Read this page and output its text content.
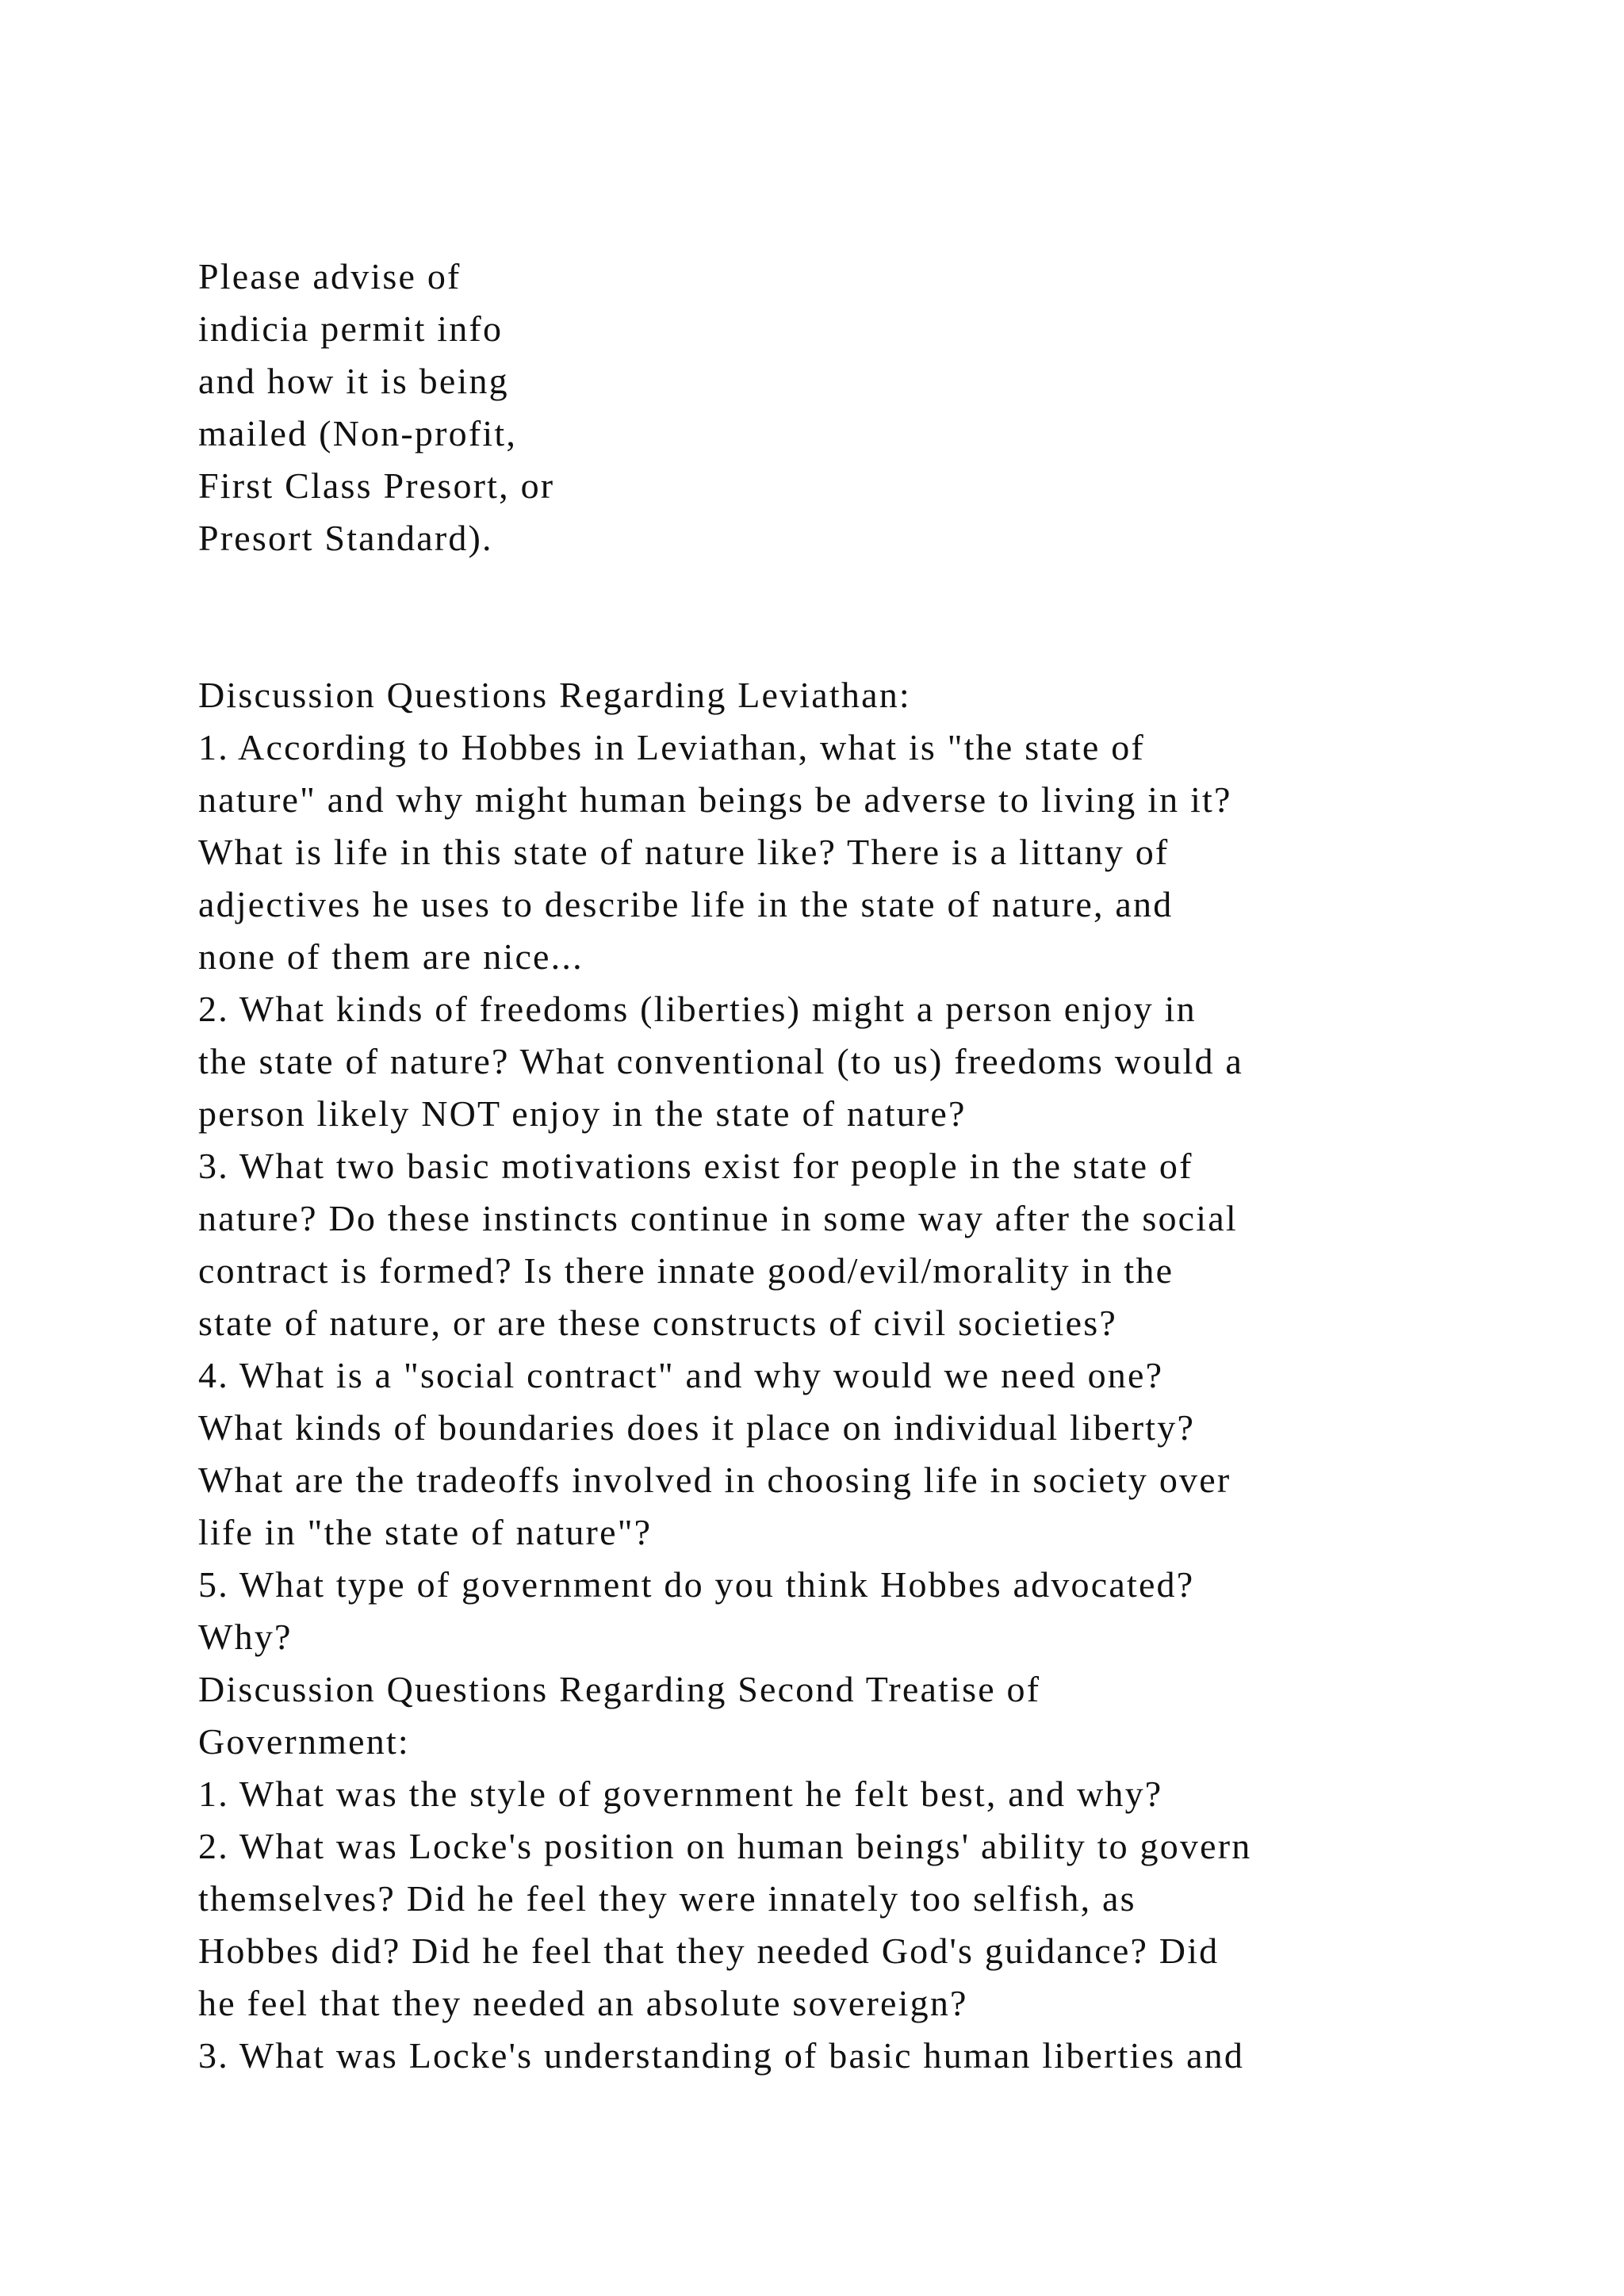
Please advise of

indicia permit info

and how it is being

mailed (Non-profit,

First Class Presort, or

Presort Standard).

Discussion Questions Regarding Leviathan:

1. According to Hobbes in Leviathan, what is "the state of

nature" and why might human beings be adverse to living in it?

What is life in this state of nature like? There is a littany of

adjectives he uses to describe life in the state of nature, and

none of them are nice...

2. What kinds of freedoms (liberties) might a person enjoy in

the state of nature? What conventional (to us) freedoms would a

person likely NOT enjoy in the state of nature?

3. What two basic motivations exist for people in the state of

nature? Do these instincts continue in some way after the social

contract is formed? Is there innate good/evil/morality in the

state of nature, or are these constructs of civil societies?

4. What is a "social contract" and why would we need one?

What kinds of boundaries does it place on individual liberty?

What are the tradeoffs involved in choosing life in society over

life in "the state of nature"?

5. What type of government do you think Hobbes advocated?

Why?

Discussion Questions Regarding Second Treatise of

Government:

1. What was the style of government he felt best, and why?

2. What was Locke's position on human beings' ability to govern

themselves? Did he feel they were innately too selfish, as

Hobbes did? Did he feel that they needed God's guidance? Did

he feel that they needed an absolute sovereign?

3. What was Locke's understanding of basic human liberties and
